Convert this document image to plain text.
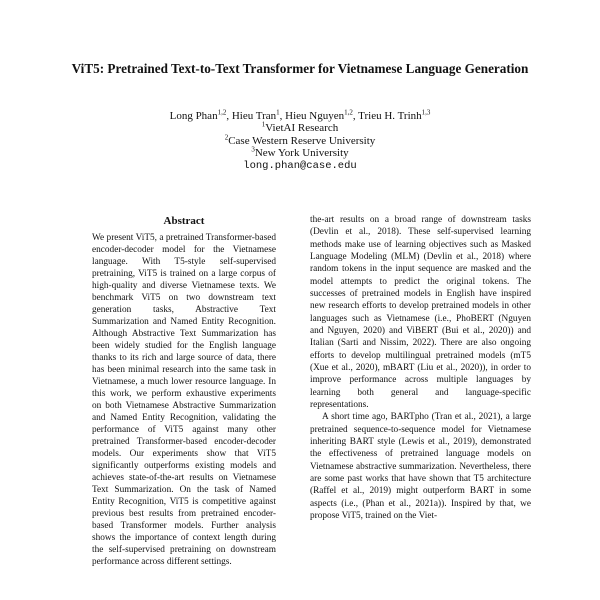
ViT5: Pretrained Text-to-Text Transformer for Vietnamese Language Generation
Long Phan$^{1,2}$, Hieu Tran$^1$, Hieu Nguyen$^{1,2}$, Trieu H. Trinh$^{1,3}$
$^1$VietAI Research
$^2$Case Western Reserve University
$^3$New York University
long.phan@case.edu
Abstract

We present ViT5, a pretrained Transformer-based encoder-decoder model for the Vietnamese language. With T5-style self-supervised pretraining, ViT5 is trained on a large corpus of high-quality and diverse Vietnamese texts. We benchmark ViT5 on two downstream text generation tasks, Abstractive Text Summarization and Named Entity Recognition. Although Abstractive Text Summarization has been widely studied for the English language thanks to its rich and large source of data, there has been minimal research into the same task in Vietnamese, a much lower resource language. In this work, we perform exhaustive experiments on both Vietnamese Abstractive Summarization and Named Entity Recognition, validating the performance of ViT5 against many other pretrained Transformer-based encoder-decoder models. Our experiments show that ViT5 significantly outperforms existing models and achieves state-of-the-art results on Vietnamese Text Summarization. On the task of Named Entity Recognition, ViT5 is competitive against previous best results from pretrained encoder-based Transformer models. Further analysis shows the importance of context length during the self-supervised pretraining on downstream performance across different settings.

the-art results on a broad range of downstream tasks (Devlin et al., 2018). These self-supervised learning methods make use of learning objectives such as Masked Language Modeling (MLM) (Devlin et al., 2018) where random tokens in the input sequence are masked and the model attempts to predict the original tokens. The successes of pretrained models in English have inspired new research efforts to develop pretrained models in other languages such as Vietnamese (i.e., PhoBERT (Nguyen and Nguyen, 2020) and ViBERT (Bui et al., 2020)) and Italian (Sarti and Nissim, 2022). There are also ongoing efforts to develop multilingual pretrained models (mT5 (Xue et al., 2020), mBART (Liu et al., 2020)), in order to improve performance across multiple languages by learning both general and language-specific representations.

A short time ago, BARTpho (Tran et al., 2021), a large pretrained sequence-to-sequence model for Vietnamese inheriting BART style (Lewis et al., 2019), demonstrated the effectiveness of pretrained language models on Vietnamese abstractive summarization. Nevertheless, there are some past works that have shown that T5 architecture (Raffel et al., 2019) might outperform BART in some aspects (i.e., (Phan et al., 2021a)). Inspired by that, we propose ViT5, trained on the Viet-
